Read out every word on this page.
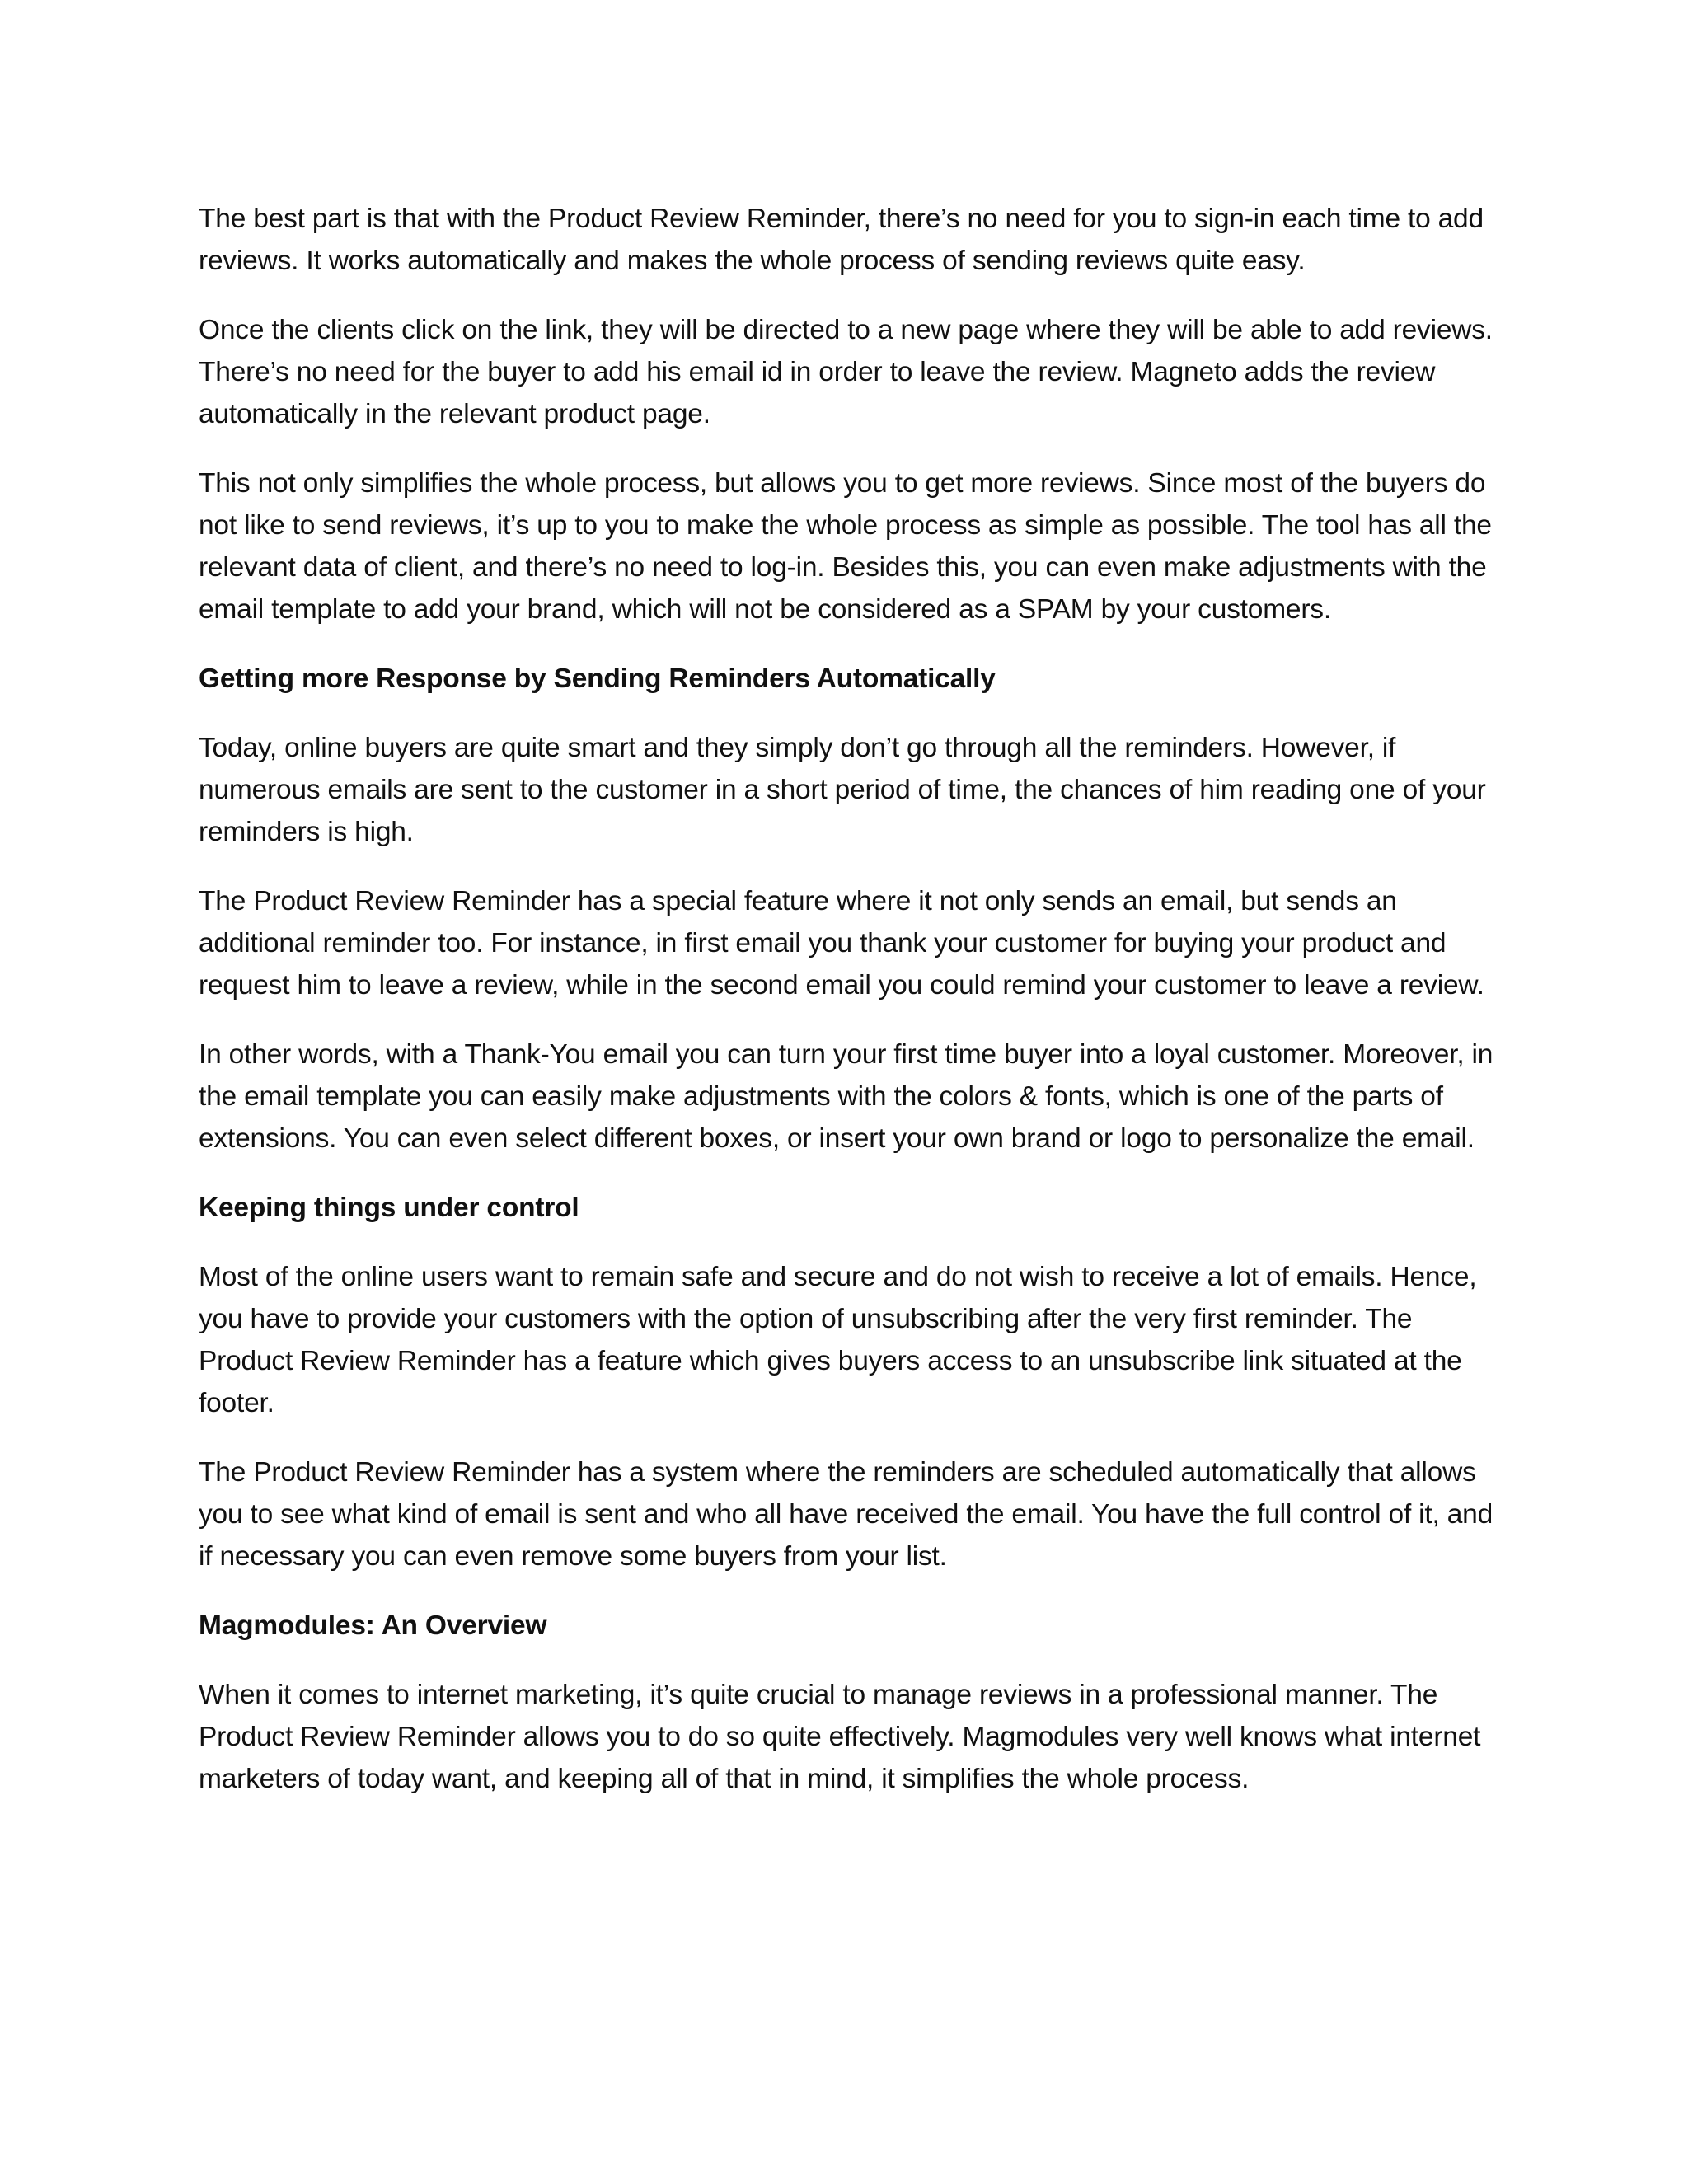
The best part is that with the Product Review Reminder, there’s no need for you to sign-in each time to add reviews. It works automatically and makes the whole process of sending reviews quite easy.

Once the clients click on the link, they will be directed to a new page where they will be able to add reviews. There’s no need for the buyer to add his email id in order to leave the review. Magneto adds the review automatically in the relevant product page.

This not only simplifies the whole process, but allows you to get more reviews. Since most of the buyers do not like to send reviews, it’s up to you to make the whole process as simple as possible. The tool has all the relevant data of client, and there’s no need to log-in. Besides this, you can even make adjustments with the email template to add your brand, which will not be considered as a SPAM by your customers.

Getting more Response by Sending Reminders Automatically

Today, online buyers are quite smart and they simply don’t go through all the reminders. However, if numerous emails are sent to the customer in a short period of time, the chances of him reading one of your reminders is high.

The Product Review Reminder has a special feature where it not only sends an email, but sends an additional reminder too. For instance, in first email you thank your customer for buying your product and request him to leave a review, while in the second email you could remind your customer to leave a review.

In other words, with a Thank-You email you can turn your first time buyer into a loyal customer. Moreover, in the email template you can easily make adjustments with the colors & fonts, which is one of the parts of extensions. You can even select different boxes, or insert your own brand or logo to personalize the email.

Keeping things under control

Most of the online users want to remain safe and secure and do not wish to receive a lot of emails. Hence, you have to provide your customers with the option of unsubscribing after the very first reminder. The Product Review Reminder has a feature which gives buyers access to an unsubscribe link situated at the footer.

The Product Review Reminder has a system where the reminders are scheduled automatically that allows you to see what kind of email is sent and who all have received the email. You have the full control of it, and if necessary you can even remove some buyers from your list.

Magmodules: An Overview

When it comes to internet marketing, it’s quite crucial to manage reviews in a professional manner. The Product Review Reminder allows you to do so quite effectively. Magmodules very well knows what internet marketers of today want, and keeping all of that in mind, it simplifies the whole process.
